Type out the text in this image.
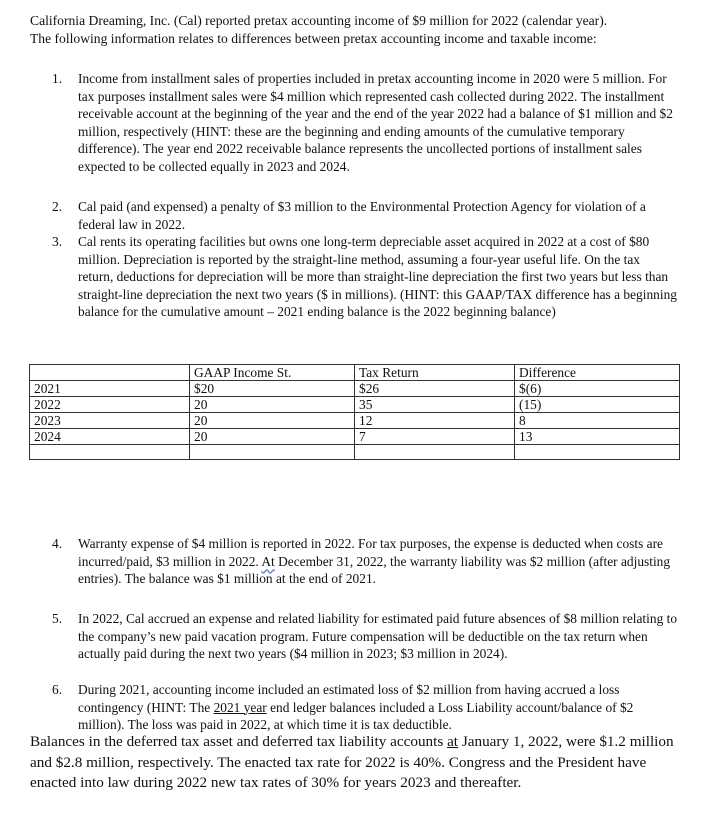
California Dreaming, Inc. (Cal) reported pretax accounting income of $9 million for 2022 (calendar year).
The following information relates to differences between pretax accounting income and taxable income:

1.	Income from installment sales of properties included in pretax accounting income in 2020 were 5 million. For tax purposes installment sales were $4 million which represented cash collected during 2022. The installment receivable account at the beginning of the year and the end of the year 2022 had a balance of $1 million and $2 million, respectively (HINT: these are the beginning and ending amounts of the cumulative temporary difference). The year end 2022 receivable balance represents the uncollected portions of installment sales expected to be collected equally in 2023 and 2024.
2.	Cal paid (and expensed) a penalty of $3 million to the Environmental Protection Agency for violation of a federal law in 2022.
3.	Cal rents its operating facilities but owns one long-term depreciable asset acquired in 2022 at a cost of $80 million. Depreciation is reported by the straight-line method, assuming a four-year useful life. On the tax return, deductions for depreciation will be more than straight-line depreciation the first two years but less than straight-line depreciation the next two years ($ in millions). (HINT: this GAAP/TAX difference has a beginning balance for the cumulative amount – 2021 ending balance is the 2022 beginning balance)
	GAAP Income St.	Tax Return	Difference
2021	$20	$26	$(6)
2022	20	35	(15)
2023	20	12	8
2024	20	7	13

4.	Warranty expense of $4 million is reported in 2022. For tax purposes, the expense is deducted when costs are incurred/paid, $3 million in 2022. At December 31, 2022, the warranty liability was $2 million (after adjusting entries). The balance was $1 million at the end of 2021.
5.	In 2022, Cal accrued an expense and related liability for estimated paid future absences of $8 million relating to the company’s new paid vacation program. Future compensation will be deductible on the tax return when actually paid during the next two years ($4 million in 2023; $3 million in 2024).
6.	During 2021, accounting income included an estimated loss of $2 million from having accrued a loss contingency (HINT: The 2021 year end ledger balances included a Loss Liability account/balance of $2 million). The loss was paid in 2022, at which time it is tax deductible.

Balances in the deferred tax asset and deferred tax liability accounts at January 1, 2022, were $1.2 million and $2.8 million, respectively. The enacted tax rate for 2022 is 40%. Congress and the President have enacted into law during 2022 new tax rates of 30% for years 2023 and thereafter.
